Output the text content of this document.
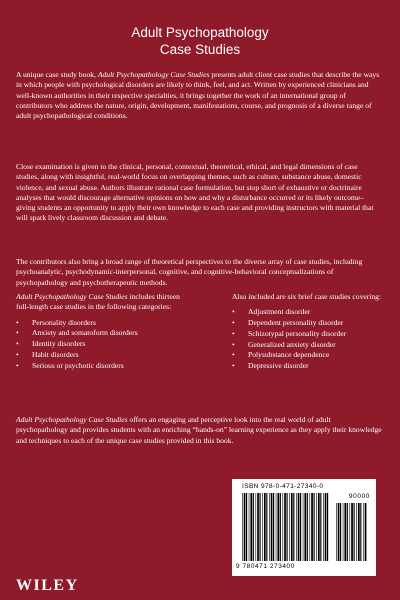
Adult Psychopathology
Case Studies

A unique case study book, Adult Psychopathology Case Studies presents adult client case studies that describe the ways in which people with psychological disorders are likely to think, feel, and act. Written by experienced clinicians and well-known authorities in their respective specialties, it brings together the work of an international group of contributors who address the nature, origin, development, manifestations, course, and prognosis of a diverse range of adult psychopathological conditions.

Close examination is given to the clinical, personal, contextual, theoretical, ethical, and legal dimensions of case studies, along with insightful, real-world focus on overlapping themes, such as culture, substance abuse, domestic violence, and sexual abuse. Authors illustrate rational case formulation, but stop short of exhaustive or doctrinaire analyses that would discourage alternative opinions on how and why a disturbance occurred or its likely outcome–giving students an opportunity to apply their own knowledge to each case and providing instructors with material that will spark lively classroom discussion and debate.

The contributors also bring a broad range of theoretical perspectives to the diverse array of case studies, including psychoanalytic, psychodynamic-interpersonal, cognitive, and cognitive-behavioral conceptualizations of psychopathology and psychotherapeutic methods.

Adult Psychopathology Case Studies includes thirteen full-length case studies in the following categories:

• Personality disorders
• Anxiety and somatoform disorders
• Identity disorders
• Habit disorders
• Serious or psychotic disorders

Also included are six brief case studies covering:

• Adjustment disorder
• Dependent personality disorder
• Schizotypal personality disorder
• Generalized anxiety disorder
• Polysubstance dependence
• Depressive disorder

Adult Psychopathology Case Studies offers an engaging and perceptive look into the real world of adult psychopathology and provides students with an enriching “hands-on” learning experience as they apply their knowledge and techniques to each of the unique case studies provided in this book.

ISBN 978-0-471-27340-0
90000
9 780471 273400
WILEY
